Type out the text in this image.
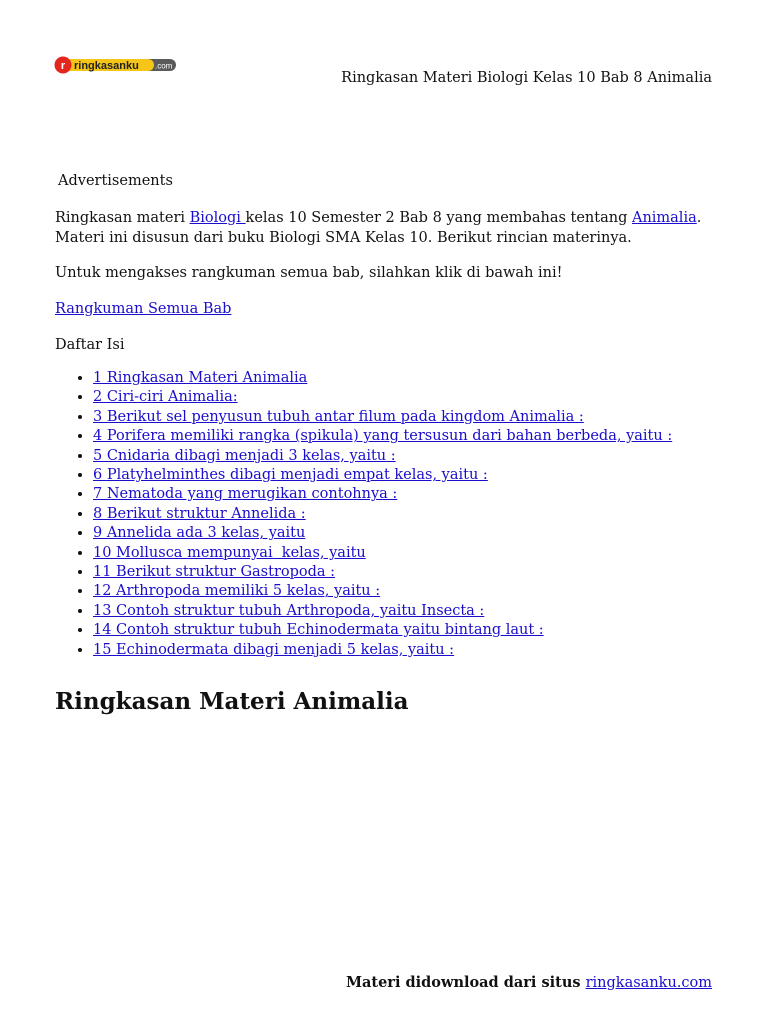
r ringkasanku .com
Ringkasan Materi Biologi Kelas 10 Bab 8 Animalia
Advertisements

Ringkasan materi Biologi kelas 10 Semester 2 Bab 8 yang membahas tentang Animalia. Materi ini disusun dari buku Biologi SMA Kelas 10. Berikut rincian materinya.

Untuk mengakses rangkuman semua bab, silahkan klik di bawah ini!

Rangkuman Semua Bab

Daftar Isi

• 1 Ringkasan Materi Animalia
• 2 Ciri-ciri Animalia:
• 3 Berikut sel penyusun tubuh antar filum pada kingdom Animalia :
• 4 Porifera memiliki rangka (spikula) yang tersusun dari bahan berbeda, yaitu :
• 5 Cnidaria dibagi menjadi 3 kelas, yaitu :
• 6 Platyhelminthes dibagi menjadi empat kelas, yaitu :
• 7 Nematoda yang merugikan contohnya :
• 8 Berikut struktur Annelida :
• 9 Annelida ada 3 kelas, yaitu
• 10 Mollusca mempunyai  kelas, yaitu
• 11 Berikut struktur Gastropoda :
• 12 Arthropoda memiliki 5 kelas, yaitu :
• 13 Contoh struktur tubuh Arthropoda, yaitu Insecta :
• 14 Contoh struktur tubuh Echinodermata yaitu bintang laut :
• 15 Echinodermata dibagi menjadi 5 kelas, yaitu :
Ringkasan Materi Animalia
Materi didownload dari situs ringkasanku.com
